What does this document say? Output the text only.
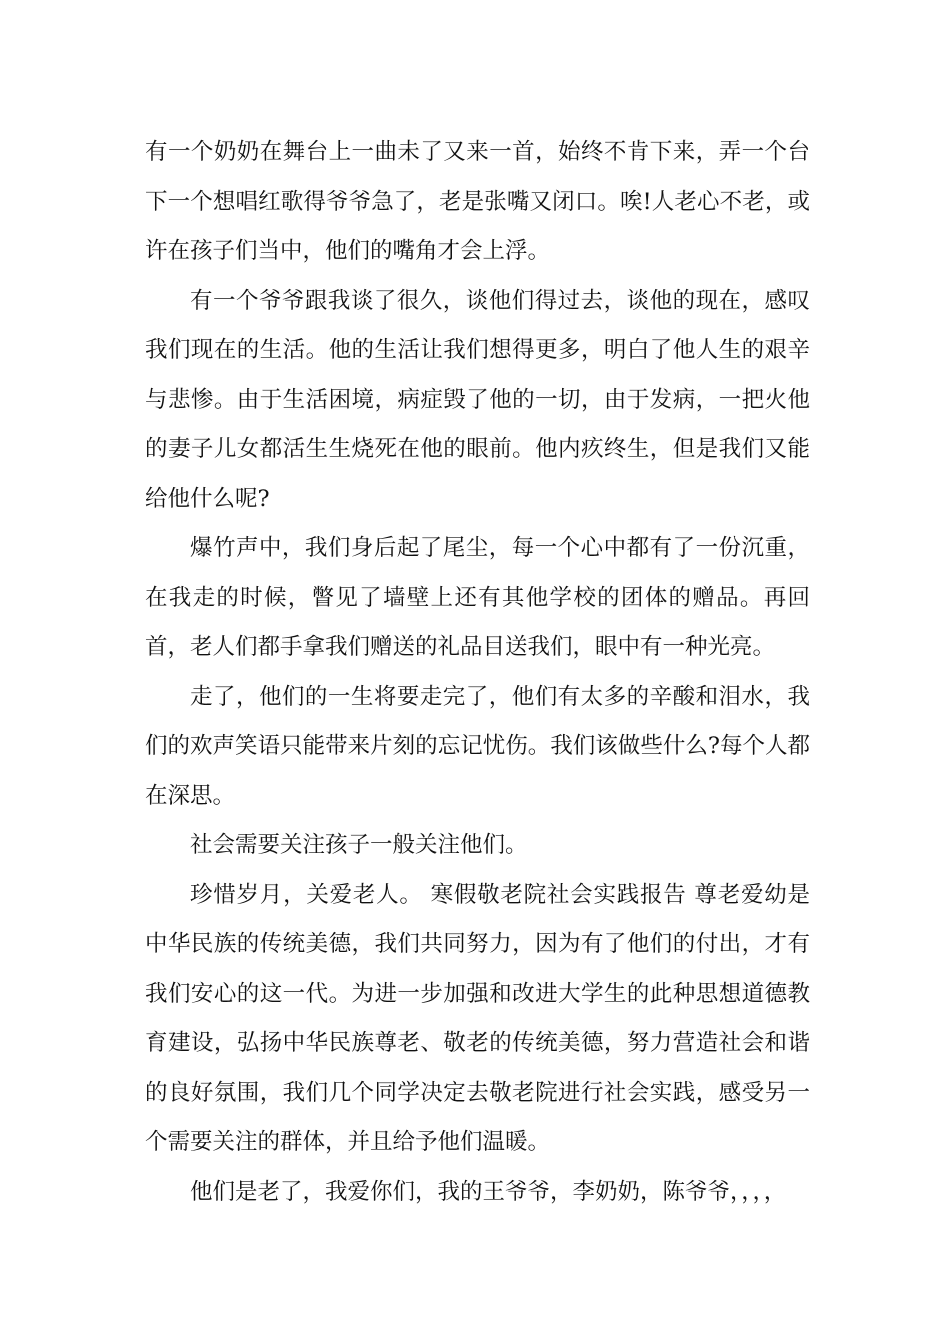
有一个奶奶在舞台上一曲未了又来一首，始终不肯下来，弄一个台下一个想唱红歌得爷爷急了，老是张嘴又闭口。唉!人老心不老，或许在孩子们当中，他们的嘴角才会上浮。

有一个爷爷跟我谈了很久，谈他们得过去，谈他的现在，感叹我们现在的生活。他的生活让我们想得更多，明白了他人生的艰辛与悲惨。由于生活困境，病症毁了他的一切，由于发病，一把火他的妻子儿女都活生生烧死在他的眼前。他内疚终生，但是我们又能给他什么呢?

爆竹声中，我们身后起了尾尘，每一个心中都有了一份沉重，在我走的时候，瞥见了墙壁上还有其他学校的团体的赠品。再回首，老人们都手拿我们赠送的礼品目送我们，眼中有一种光亮。

走了，他们的一生将要走完了，他们有太多的辛酸和泪水，我们的欢声笑语只能带来片刻的忘记忧伤。我们该做些什么?每个人都在深思。

社会需要关注孩子一般关注他们。

珍惜岁月，关爱老人。 寒假敬老院社会实践报告 尊老爱幼是中华民族的传统美德，我们共同努力，因为有了他们的付出，才有我们安心的这一代。为进一步加强和改进大学生的此种思想道德教育建设，弘扬中华民族尊老、敬老的传统美德，努力营造社会和谐的良好氛围，我们几个同学决定去敬老院进行社会实践，感受另一个需要关注的群体，并且给予他们温暖。

他们是老了，我爱你们，我的王爷爷，李奶奶，陈爷爷，，，，
